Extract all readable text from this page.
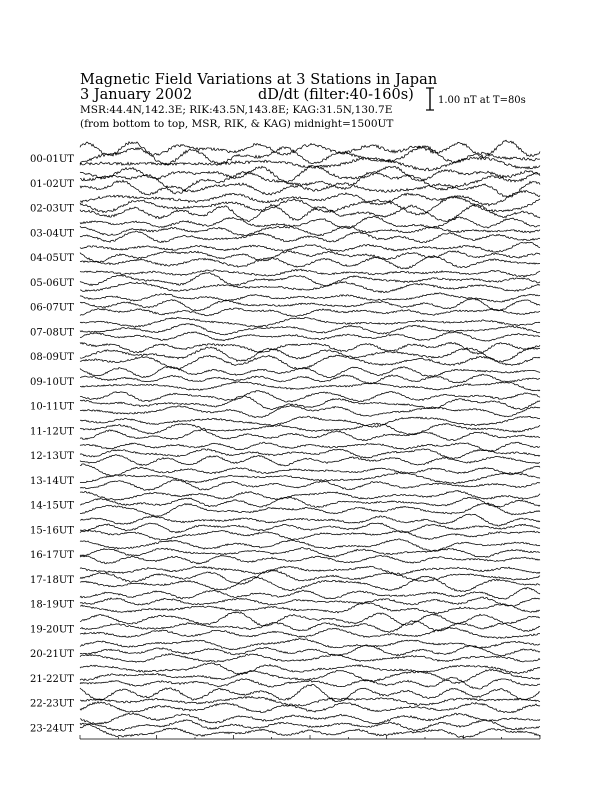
Magnetic Field Variations at 3 Stations in Japan
3 January 2002	dD/dt (filter:40-160s)
MSR:44.4N,142.3E; RIK:43.5N,143.8E; KAG:31.5N,130.7E
(from bottom to top, MSR, RIK, & KAG) midnight=1500UT
1.00 nT at T=80s
00-01UT
01-02UT
02-03UT
03-04UT
04-05UT
05-06UT
06-07UT
07-08UT
08-09UT
09-10UT
10-11UT
11-12UT
12-13UT
13-14UT
14-15UT
15-16UT
16-17UT
17-18UT
18-19UT
19-20UT
20-21UT
21-22UT
22-23UT
23-24UT
